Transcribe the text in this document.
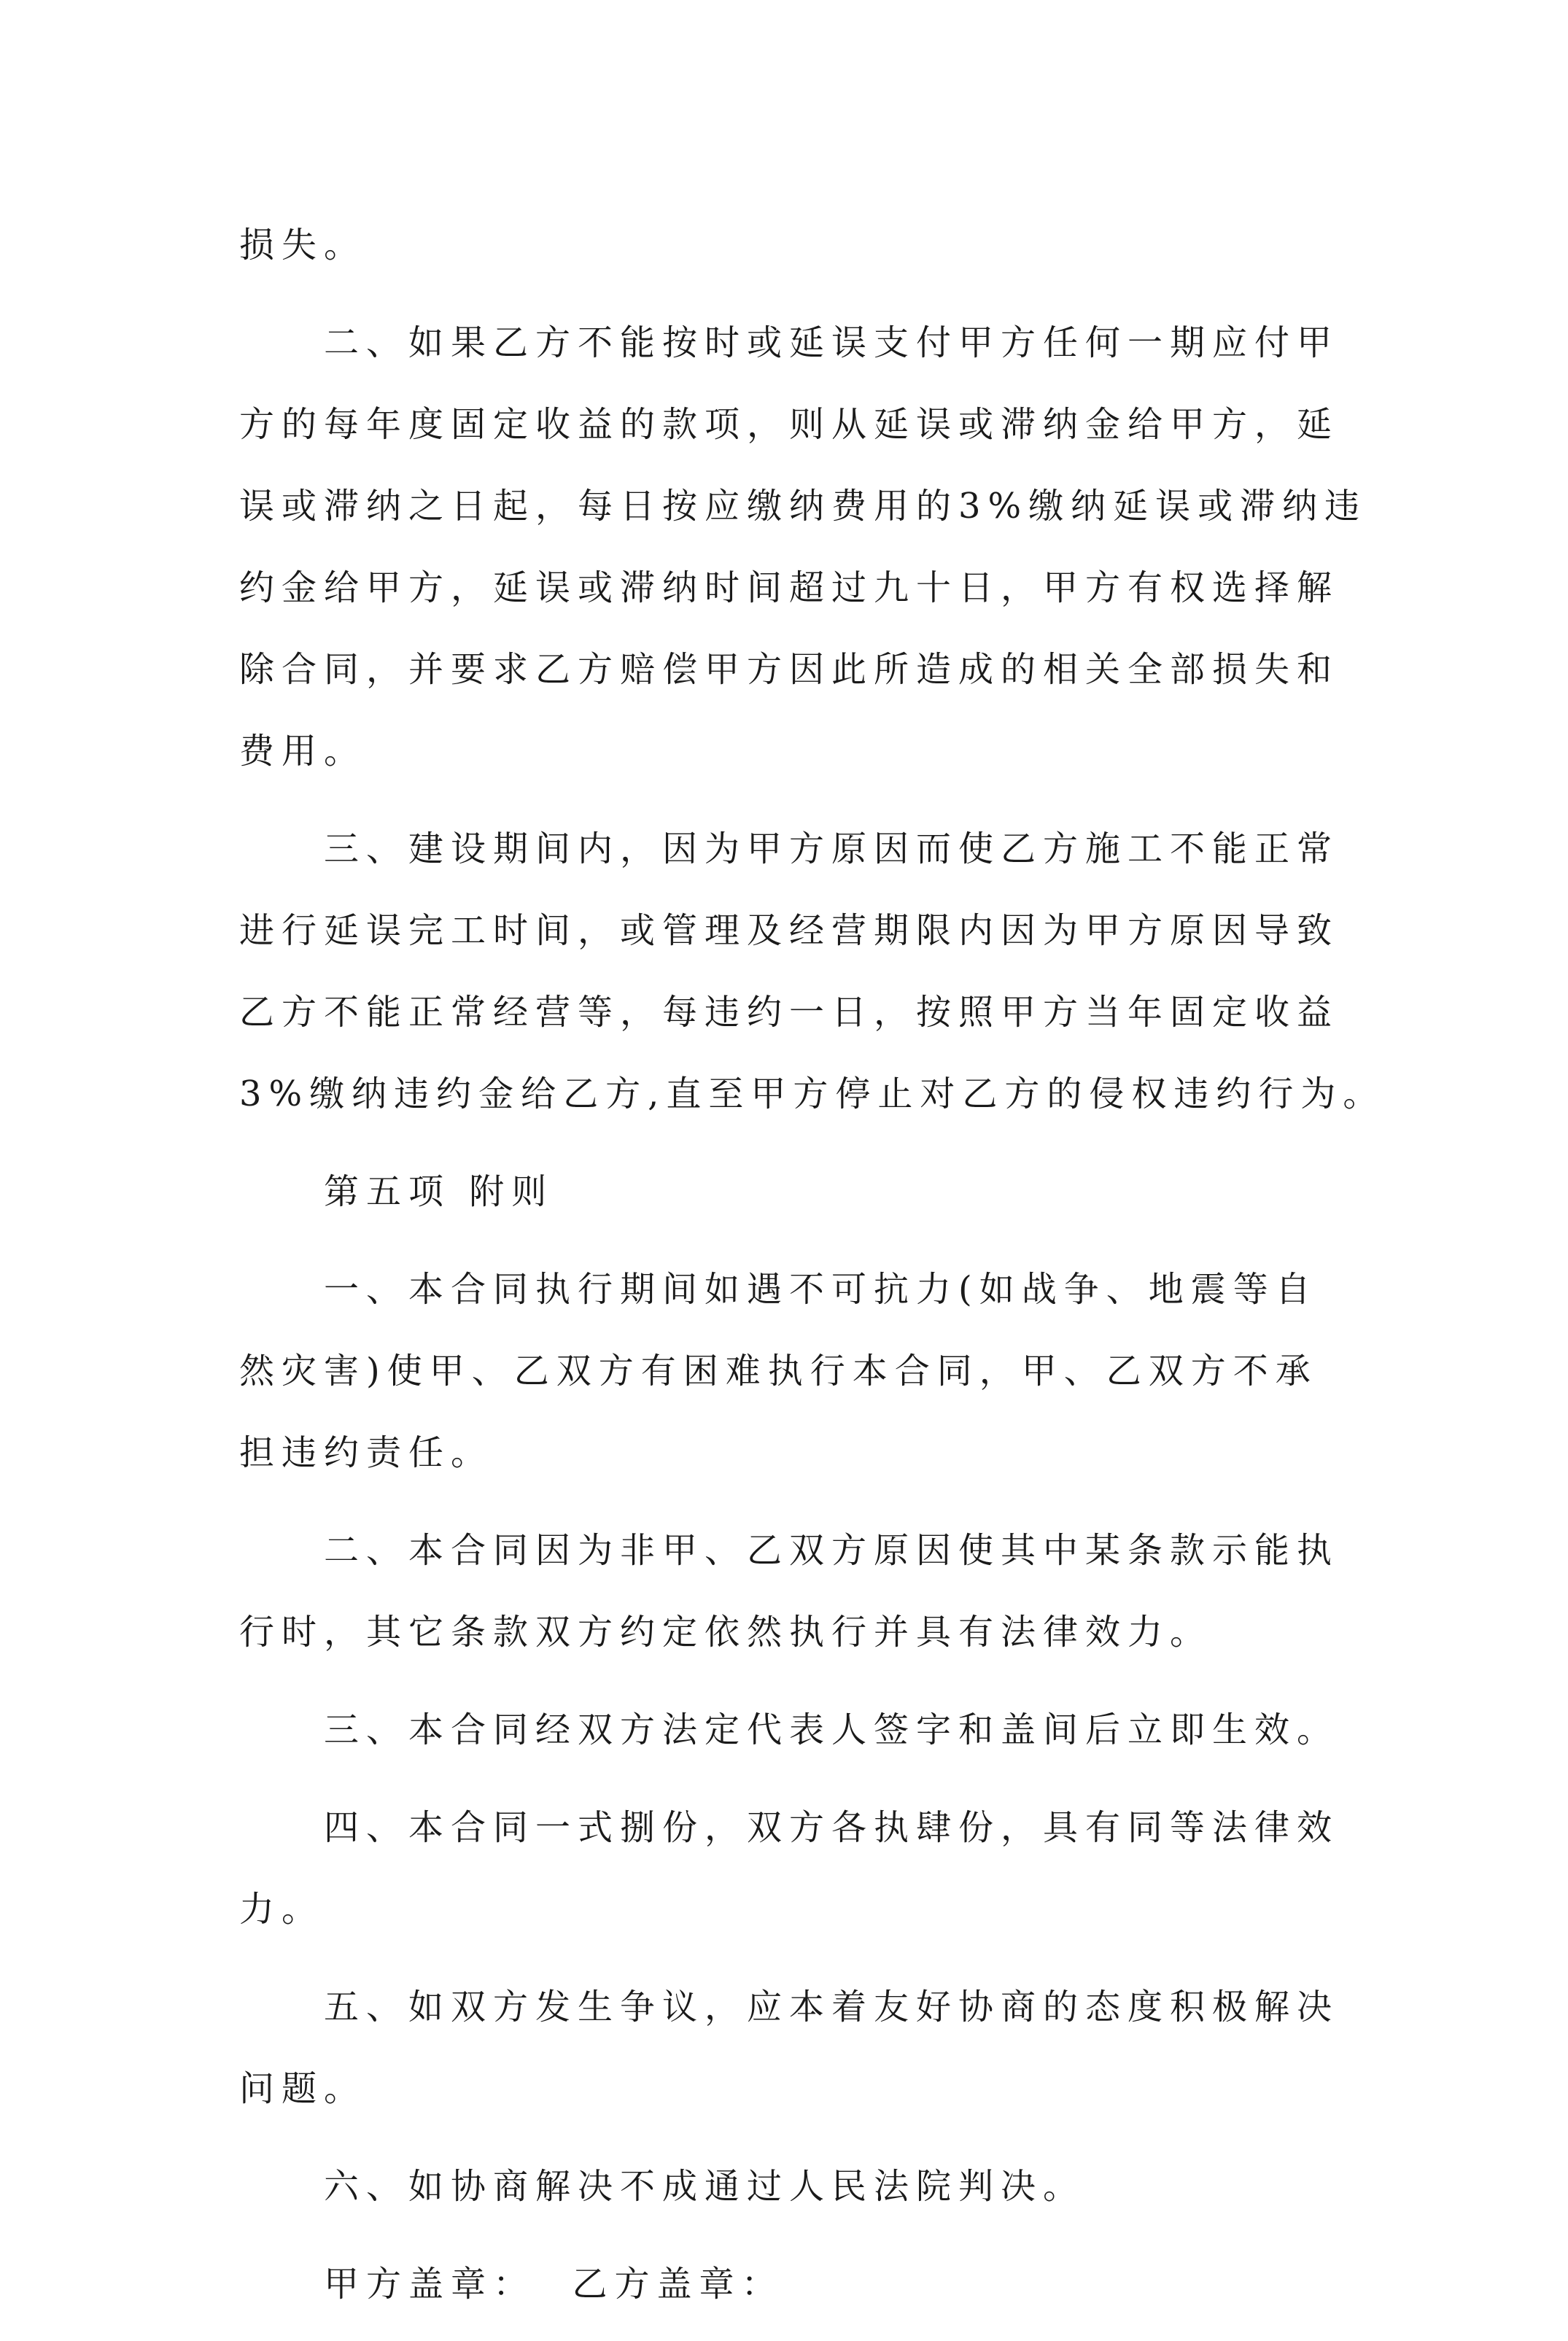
损失。
二、如果乙方不能按时或延误支付甲方任何一期应付甲
方的每年度固定收益的款项，则从延误或滞纳金给甲方，延
误或滞纳之日起，每日按应缴纳费用的3%缴纳延误或滞纳违
约金给甲方，延误或滞纳时间超过九十日，甲方有权选择解
除合同，并要求乙方赔偿甲方因此所造成的相关全部损失和
费用。
三、建设期间内，因为甲方原因而使乙方施工不能正常
进行延误完工时间，或管理及经营期限内因为甲方原因导致
乙方不能正常经营等，每违约一日，按照甲方当年固定收益
3%缴纳违约金给乙方,直至甲方停止对乙方的侵权违约行为。
第五项 附则
一、本合同执行期间如遇不可抗力(如战争、地震等自
然灾害)使甲、乙双方有困难执行本合同，甲、乙双方不承
担违约责任。
二、本合同因为非甲、乙双方原因使其中某条款示能执
行时，其它条款双方约定依然执行并具有法律效力。
三、本合同经双方法定代表人签字和盖间后立即生效。
四、本合同一式捌份，双方各执肆份，具有同等法律效
力。
五、如双方发生争议，应本着友好协商的态度积极解决
问题。
六、如协商解决不成通过人民法院判决。
甲方盖章：  乙方盖章：
